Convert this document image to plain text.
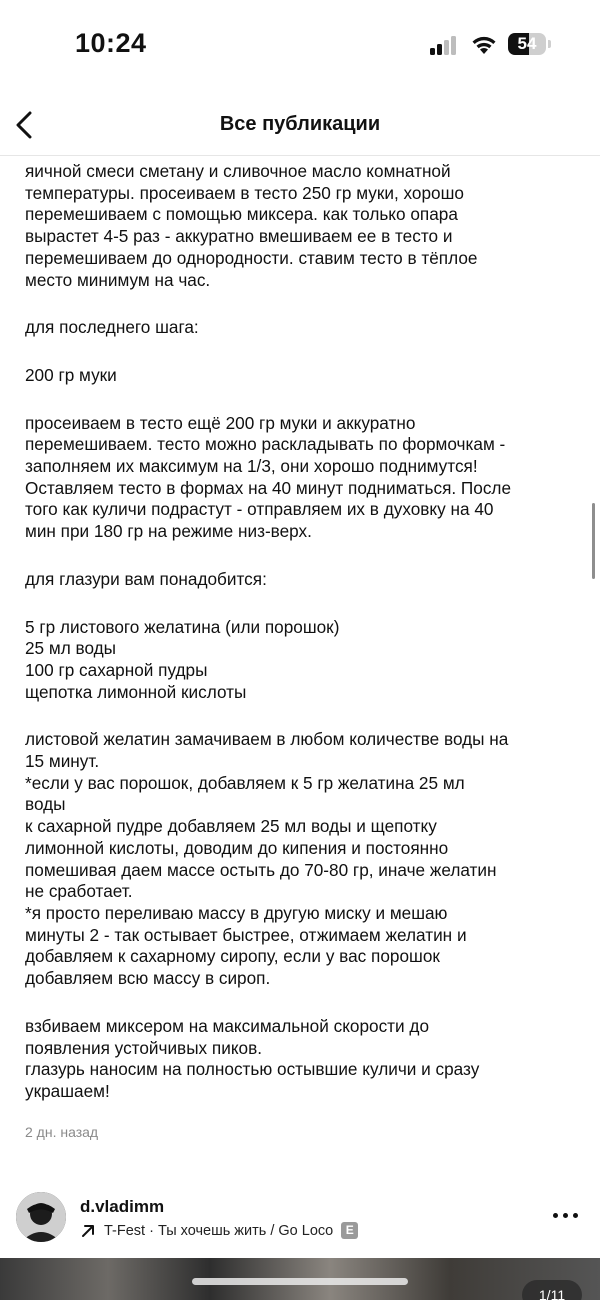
10:24	54
Все публикации

яичной смеси сметану и сливочное масло комнатной
температуры. просеиваем в тесто 250 гр муки, хорошо
перемешиваем с помощью миксера. как только опара
вырастет 4-5 раз - аккуратно вмешиваем ее в тесто и
перемешиваем до однородности. ставим тесто в тёплое
место минимум на час.

для последнего шага:

200 гр муки

просеиваем в тесто ещё 200 гр муки и аккуратно
перемешиваем. тесто можно раскладывать по формочкам -
заполняем их максимум на 1/3, они хорошо поднимутся!
Оставляем тесто в формах на 40 минут подниматься. После
того как куличи подрастут - отправляем их в духовку на 40
мин при 180 гр на режиме низ-верх.

для глазури вам понадобится:

5 гр листового желатина (или порошок)
25 мл воды
100 гр сахарной пудры
щепотка лимонной кислоты

листовой желатин замачиваем в любом количестве воды на
15 минут.
*если у вас порошок, добавляем к 5 гр желатина 25 мл
воды
к сахарной пудре добавляем 25 мл воды и щепотку
лимонной кислоты, доводим до кипения и постоянно
помешивая даем массе остыть до 70-80 гр, иначе желатин
не сработает.
*я просто переливаю массу в другую миску и мешаю
минуты 2 - так остывает быстрее, отжимаем желатин и
добавляем к сахарному сиропу, если у вас порошок
добавляем всю массу в сироп.

взбиваем миксером на максимальной скорости до
появления устойчивых пиков.
глазурь наносим на полностью остывшие куличи и сразу
украшаем!

2 дн. назад
d.vladimm
T-Fest · Ты хочешь жить / Go Loco	E
1/11
